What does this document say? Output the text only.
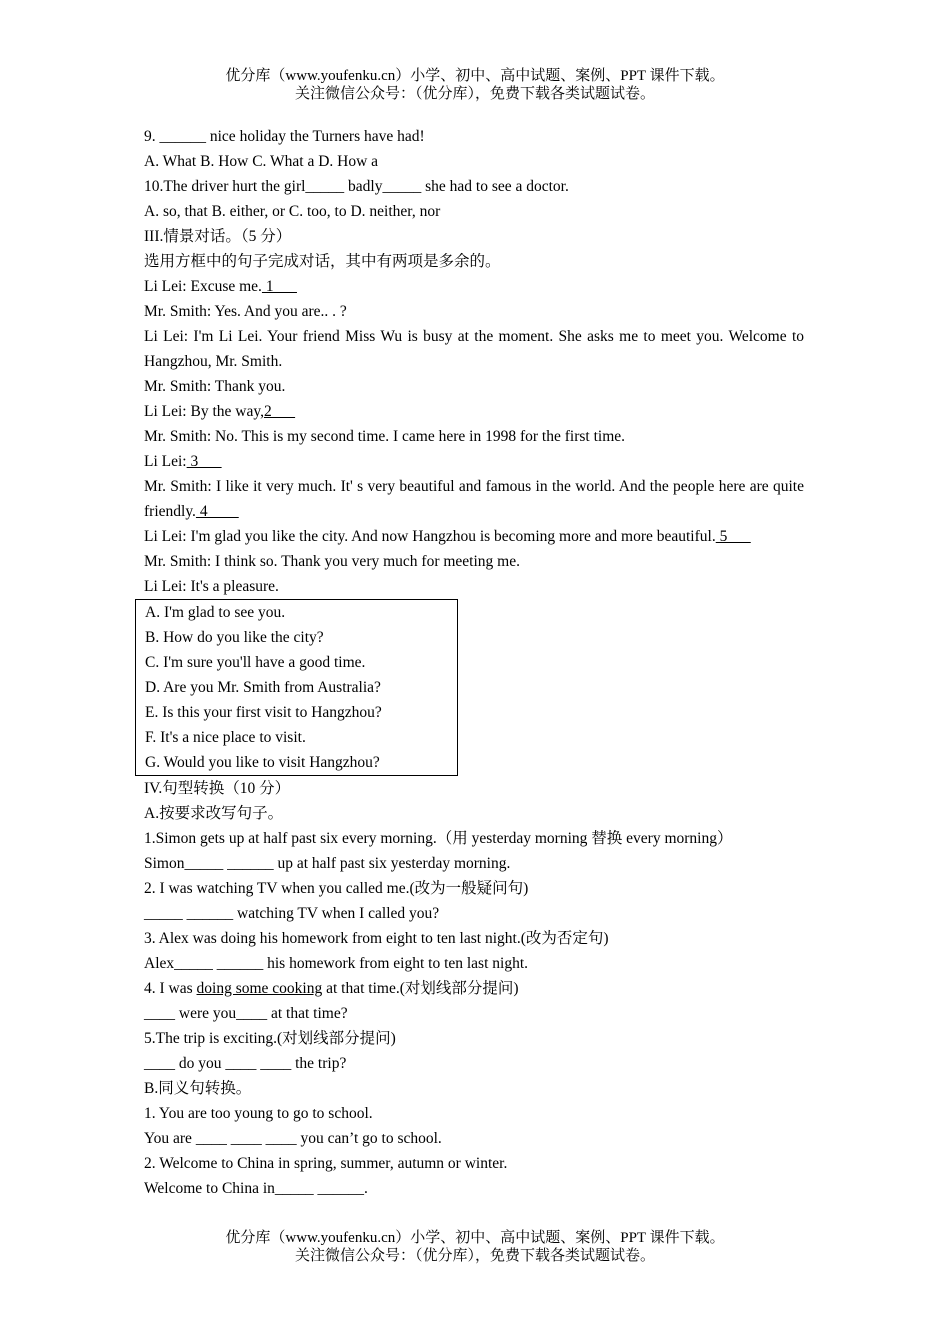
优分库（www.youfenku.cn）小学、初中、高中试题、案例、PPT 课件下载。
关注微信公众号：（优分库），免费下载各类试题试卷。
9. ______ nice holiday the Turners have had!
A. What B. How C. What a D. How a
10.The driver hurt the girl_____ badly_____ she had to see a doctor.
A. so, that B. either, or C. too, to D. neither, nor
III.情景对话。（5 分）
选用方框中的句子完成对话，其中有两项是多余的。
Li Lei: Excuse me. 1___
Mr. Smith: Yes. And you are.. . ?
Li Lei: I'm Li Lei. Your friend Miss Wu is busy at the moment. She asks me to meet you. Welcome to Hangzhou, Mr. Smith.
Mr. Smith: Thank you.
Li Lei: By the way,2___
Mr. Smith: No. This is my second time. I came here in 1998 for the first time.
Li Lei: 3___
Mr. Smith: I like it very much. It' s very beautiful and famous in the world. And the people here are quite friendly. 4____
Li Lei: I'm glad you like the city. And now Hangzhou is becoming more and more beautiful. 5___
Mr. Smith: I think so. Thank you very much for meeting me.
Li Lei: It's a pleasure.
A. I'm glad to see you.
B. How do you like the city?
C. I'm sure you'll have a good time.
D. Are you Mr. Smith from Australia?
E. Is this your first visit to Hangzhou?
F. It's a nice place to visit.
G. Would you like to visit Hangzhou?
IV.句型转换（10 分）
A.按要求改写句子。
1.Simon gets up at half past six every morning.（用 yesterday morning 替换 every morning）
Simon_____ ______ up at half past six yesterday morning.
2. I was watching TV when you called me.(改为一般疑问句)
_____ ______ watching TV when I called you?
3. Alex was doing his homework from eight to ten last night.(改为否定句)
Alex_____ ______ his homework from eight to ten last night.
4. I was doing some cooking at that time.(对划线部分提问)
____ were you____ at that time?
5.The trip is exciting.(对划线部分提问)
____ do you ____ ____ the trip?
B.同义句转换。
1. You are too young to go to school.
You are ____ ____ ____ you can’t go to school.
2. Welcome to China in spring, summer, autumn or winter.
Welcome to China in_____ ______.
优分库（www.youfenku.cn）小学、初中、高中试题、案例、PPT 课件下载。
关注微信公众号：（优分库），免费下载各类试题试卷。
